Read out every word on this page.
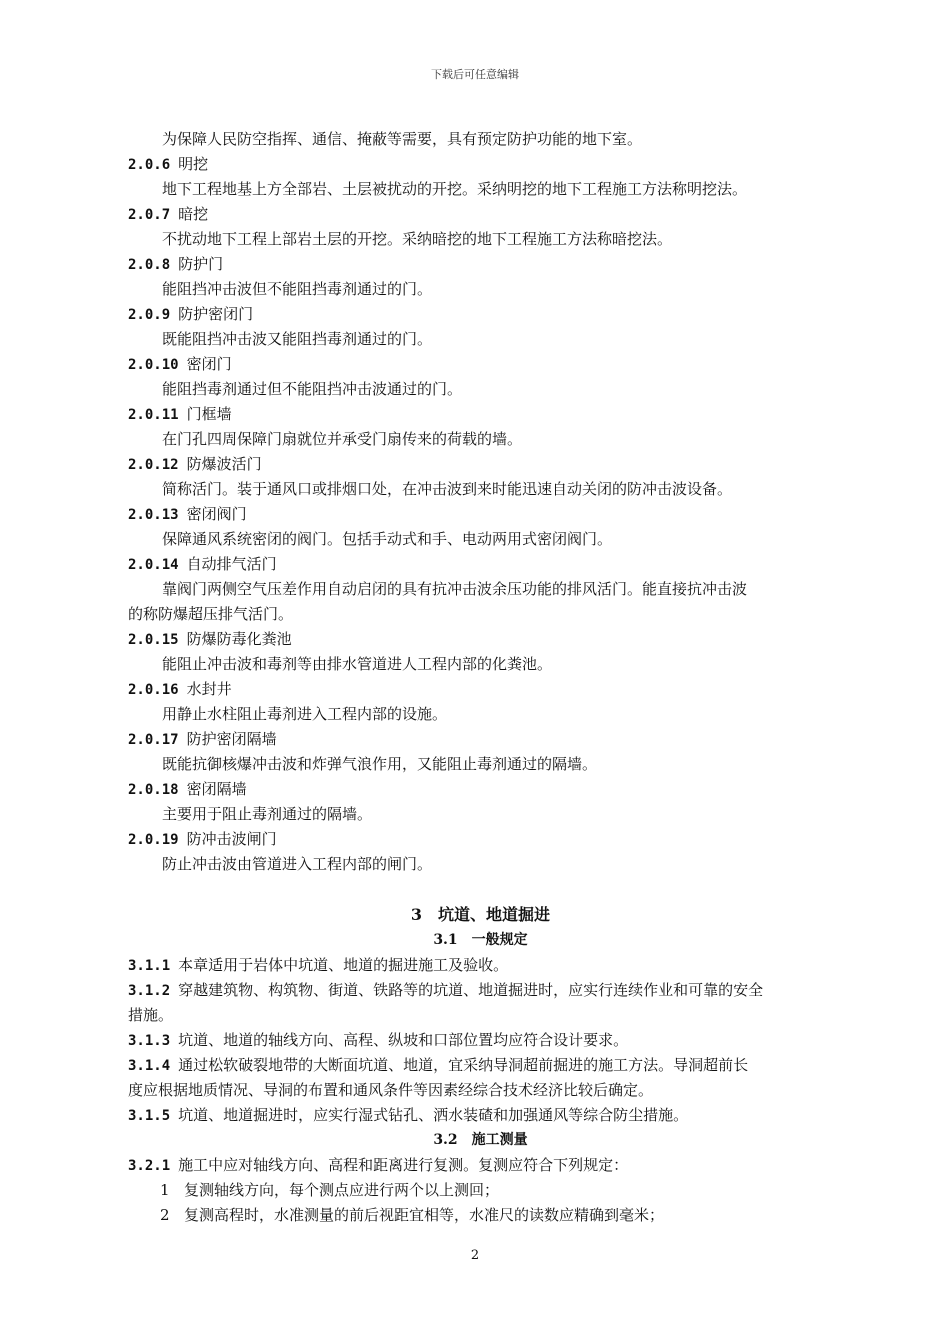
下载后可任意编辑
为保障人民防空指挥、通信、掩蔽等需要，具有预定防护功能的地下室。
2.0.6 明挖
地下工程地基上方全部岩、土层被扰动的开挖。采纳明挖的地下工程施工方法称明挖法。
2.0.7 暗挖
不扰动地下工程上部岩土层的开挖。采纳暗挖的地下工程施工方法称暗挖法。
2.0.8 防护门
能阻挡冲击波但不能阻挡毒剂通过的门。
2.0.9 防护密闭门
既能阻挡冲击波又能阻挡毒剂通过的门。
2.0.10 密闭门
能阻挡毒剂通过但不能阻挡冲击波通过的门。
2.0.11 门框墙
在门孔四周保障门扇就位并承受门扇传来的荷载的墙。
2.0.12 防爆波活门
简称活门。装于通风口或排烟口处，在冲击波到来时能迅速自动关闭的防冲击波设备。
2.0.13 密闭阀门
保障通风系统密闭的阀门。包括手动式和手、电动两用式密闭阀门。
2.0.14 自动排气活门
靠阀门两侧空气压差作用自动启闭的具有抗冲击波余压功能的排风活门。能直接抗冲击波
的称防爆超压排气活门。
2.0.15 防爆防毒化粪池
能阻止冲击波和毒剂等由排水管道进人工程内部的化粪池。
2.0.16 水封井
用静止水柱阻止毒剂进入工程内部的设施。
2.0.17 防护密闭隔墙
既能抗御核爆冲击波和炸弹气浪作用，又能阻止毒剂通过的隔墙。
2.0.18 密闭隔墙
主要用于阻止毒剂通过的隔墙。
2.0.19 防冲击波闸门
防止冲击波由管道进入工程内部的闸门。
3　坑道、地道掘进
3.1　一般规定
3.1.1 本章适用于岩体中坑道、地道的掘进施工及验收。
3.1.2 穿越建筑物、构筑物、街道、铁路等的坑道、地道掘进时，应实行连续作业和可靠的安全
措施。
3.1.3 坑道、地道的轴线方向、高程、纵坡和口部位置均应符合设计要求。
3.1.4 通过松软破裂地带的大断面坑道、地道，宜采纳导洞超前掘进的施工方法。导洞超前长
度应根据地质情况、导洞的布置和通风条件等因素经综合技术经济比较后确定。
3.1.5 坑道、地道掘进时，应实行湿式钻孔、洒水装碴和加强通风等综合防尘措施。
3.2　施工测量
3.2.1 施工中应对轴线方向、高程和距离进行复测。复测应符合下列规定：
1 复测轴线方向，每个测点应进行两个以上测回；
2 复测高程时，水准测量的前后视距宜相等，水准尺的读数应精确到毫米；
2
